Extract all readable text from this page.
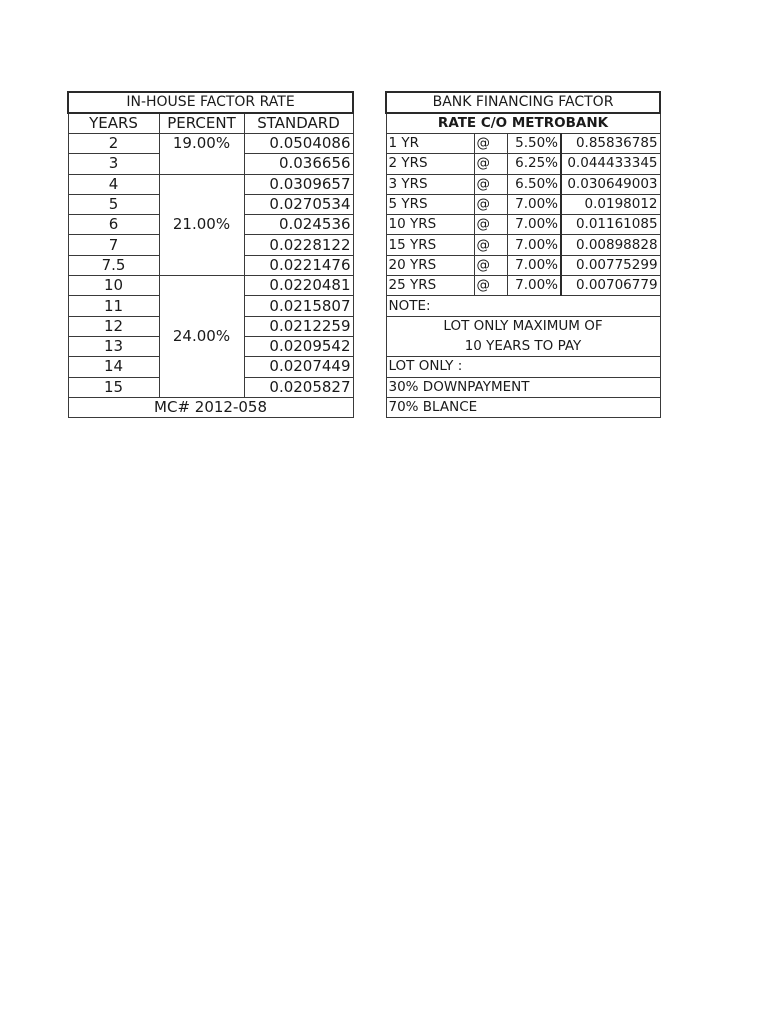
IN-HOUSE FACTOR RATE		
YEARS	PERCENT	STANDARD
2	19.00%	0.0504086
3		0.036656
4	21.00%	0.0309657
5		0.0270534
6		0.024536
7		0.0228122
7.5		0.0221476
10	24.00%	0.0220481
11		0.0215807
12		0.0212259
13		0.0209542
14		0.0207449
15		0.0205827
MC# 2012-058		
BANK FINANCING FACTOR			
RATE C/O METROBANK			
1 YR	@	5.50%	0.85836785
2 YRS	@	6.25%	0.044433345
3 YRS	@	6.50%	0.030649003
5 YRS	@	7.00%	0.0198012
10 YRS	@	7.00%	0.01161085
15 YRS	@	7.00%	0.00898828
20 YRS	@	7.00%	0.00775299
25 YRS	@	7.00%	0.00706779
NOTE:			
LOT ONLY MAXIMUM OF			
10 YEARS TO PAY			
LOT ONLY :			
30% DOWNPAYMENT			
70% BLANCE			
